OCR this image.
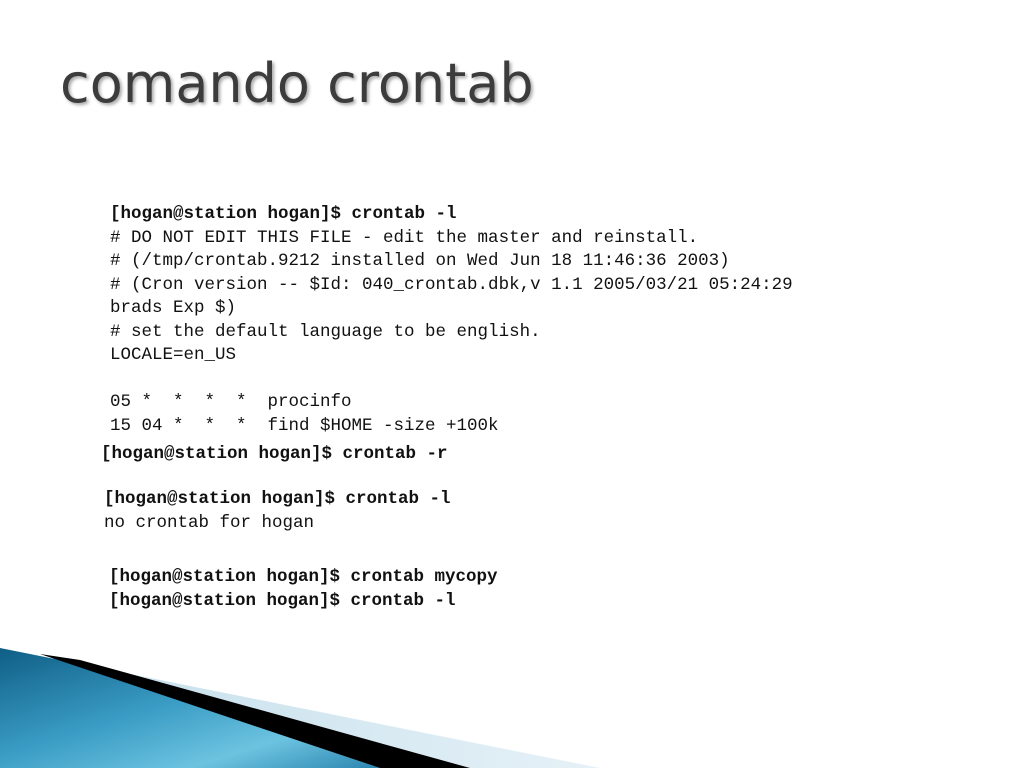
comando crontab
[hogan@station hogan]$ crontab -l
# DO NOT EDIT THIS FILE - edit the master and reinstall.
# (/tmp/crontab.9212 installed on Wed Jun 18 11:46:36 2003)
# (Cron version -- $Id: 040_crontab.dbk,v 1.1 2005/03/21 05:24:29
brads Exp $)
# set the default language to be english.
LOCALE=en_US
05 *  *  *  *  procinfo
15 04 *  *  *  find $HOME -size +100k
[hogan@station hogan]$ crontab -r
[hogan@station hogan]$ crontab -l
no crontab for hogan
[hogan@station hogan]$ crontab mycopy
[hogan@station hogan]$ crontab -l
